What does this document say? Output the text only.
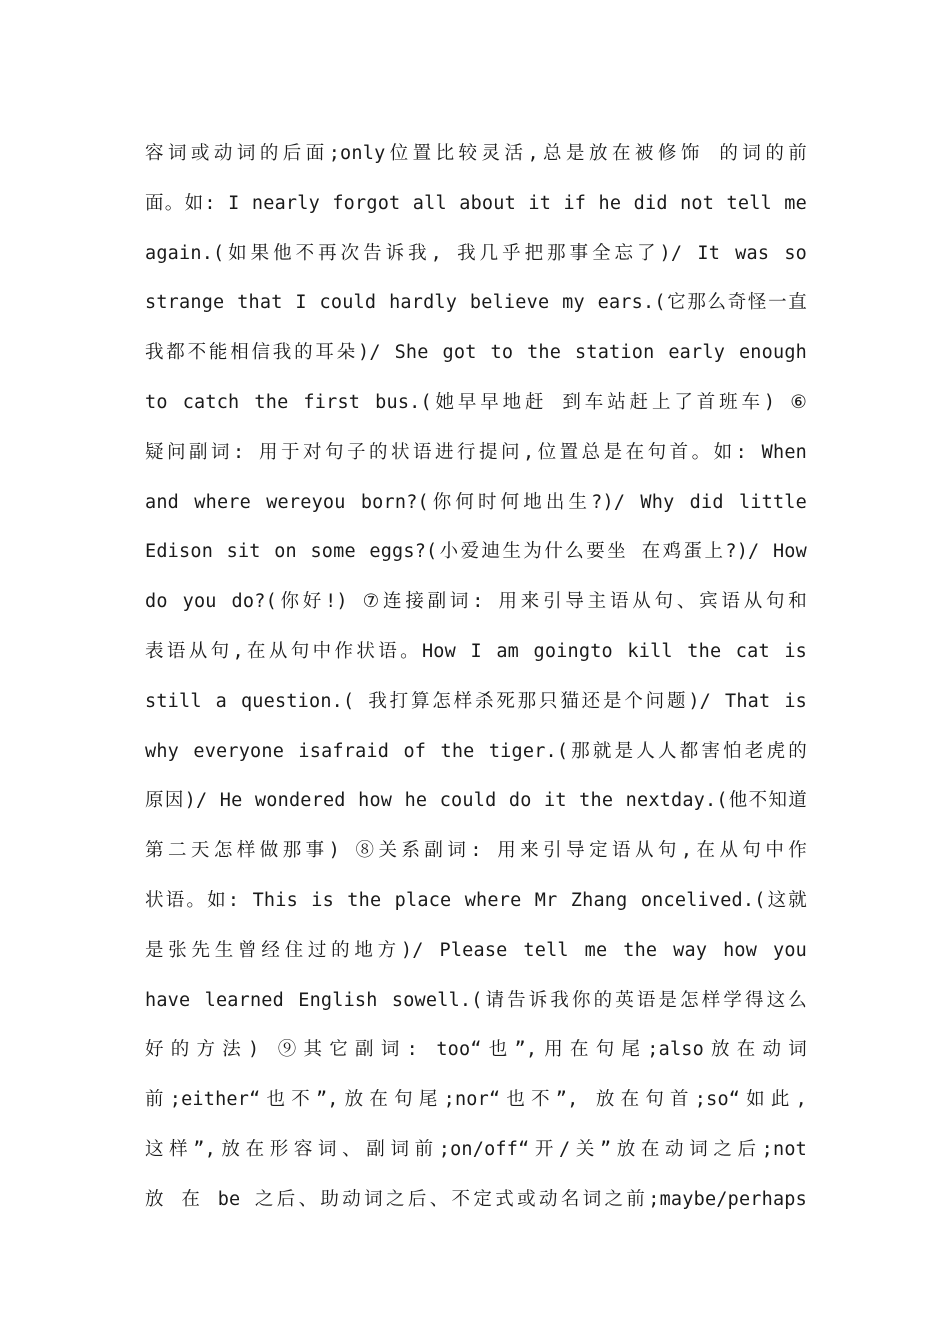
容词或动词的后面;only位置比较灵活,总是放在被修饰 的词的前
面。如: I nearly forgot all about it if he did not tell me
again.(如果他不再次告诉我, 我几乎把那事全忘了)/ It was so
strange that I could hardly believe my ears.(它那么奇怪一直
我都不能相信我的耳朵)/ She got to the station early enough
to catch the first bus.(她早早地赶 到车站赶上了首班车) ⑥
疑问副词: 用于对句子的状语进行提问,位置总是在句首。如: When
and where wereyou born?(你何时何地出生?)/ Why did little
Edison sit on some eggs?(小爱迪生为什么要坐 在鸡蛋上?)/ How
do you do?(你好!) ⑦连接副词: 用来引导主语从句、宾语从句和
表语从句,在从句中作状语。How I am goingto kill the cat is
still a question.( 我打算怎样杀死那只猫还是个问题)/ That is
why everyone isafraid of the tiger.(那就是人人都害怕老虎的
原因)/ He wondered how he could do it the nextday.(他不知道
第二天怎样做那事) ⑧关系副词: 用来引导定语从句,在从句中作
状语。如: This is the place where Mr Zhang oncelived.(这就
是张先生曾经住过的地方)/ Please tell me the way how you
have learned English sowell.(请告诉我你的英语是怎样学得这么
好的方法) ⑨其它副词: too“也”,用在句尾;also放在动词
前;either“也不”,放在句尾;nor“也不”, 放在句首;so“如此,
这样”,放在形容词、副词前;on/off“开/关”放在动词之后;not
放 在 be 之后、助动词之后、不定式或动名词之前;maybe/perhaps
